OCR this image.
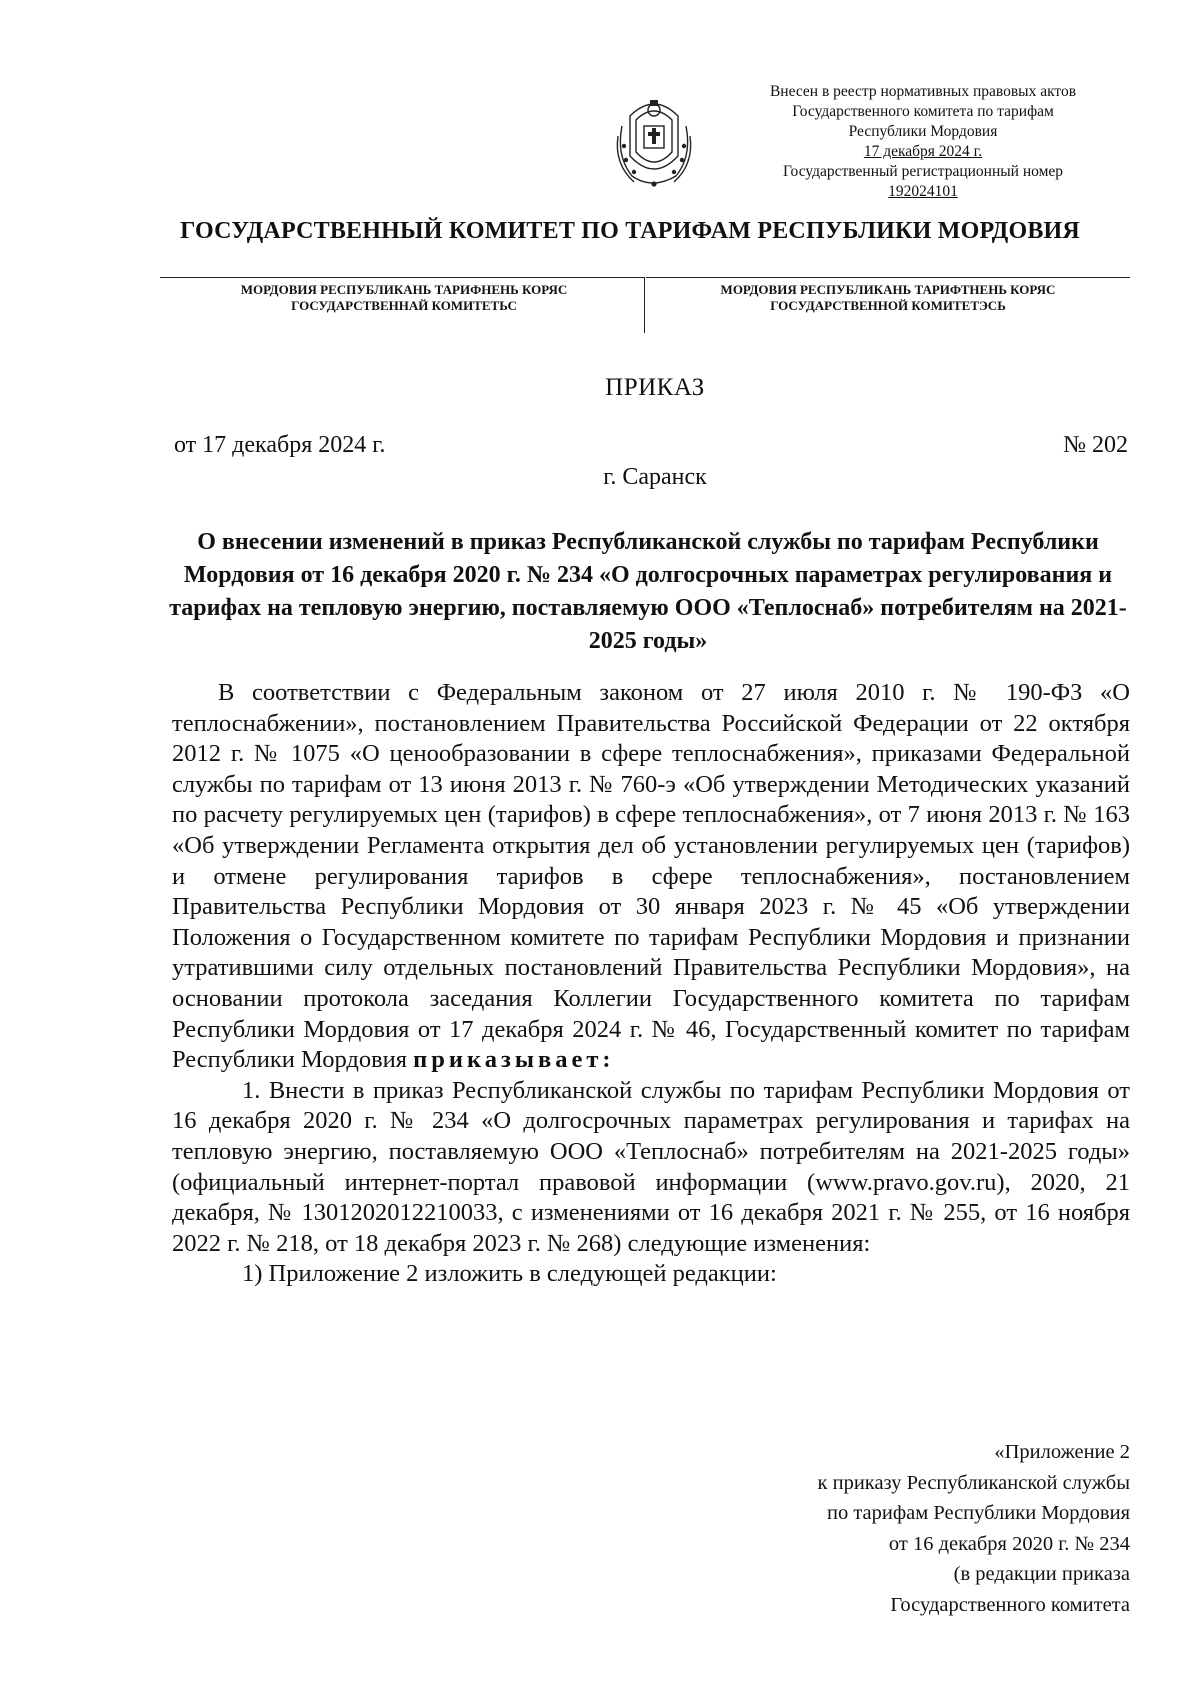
Внесен в реестр нормативных правовых актов
Государственного комитета по тарифам
Республики Мордовия
17 декабря 2024 г.
Государственный регистрационный номер
192024101
ГОСУДАРСТВЕННЫЙ КОМИТЕТ ПО ТАРИФАМ РЕСПУБЛИКИ МОРДОВИЯ
МОРДОВИЯ РЕСПУБЛИКАНЬ ТАРИФНЕНЬ КОРЯС
ГОСУДАРСТВЕННАЙ КОМИТЕТЬС
МОРДОВИЯ РЕСПУБЛИКАНЬ ТАРИФТНЕНЬ КОРЯС
ГОСУДАРСТВЕННОЙ КОМИТЕТЭСЬ
ПРИКАЗ
от 17 декабря 2024 г.	№ 202
г. Саранск
О внесении изменений в приказ Республиканской службы по тарифам Республики Мордовия от 16 декабря 2020 г. № 234 «О долгосрочных параметрах регулирования и тарифах на тепловую энергию, поставляемую ООО «Теплоснаб» потребителям на 2021-2025 годы»

В соответствии с Федеральным законом от 27 июля 2010 г. № 190-ФЗ «О теплоснабжении», постановлением Правительства Российской Федерации от 22 октября 2012 г. № 1075 «О ценообразовании в сфере теплоснабжения», приказами Федеральной службы по тарифам от 13 июня 2013 г. № 760-э «Об утверждении Методических указаний по расчету регулируемых цен (тарифов) в сфере теплоснабжения», от 7 июня 2013 г. № 163 «Об утверждении Регламента открытия дел об установлении регулируемых цен (тарифов) и отмене регулирования тарифов в сфере теплоснабжения», постановлением Правительства Республики Мордовия от 30 января 2023 г. № 45 «Об утверждении Положения о Государственном комитете по тарифам Республики Мордовия и признании утратившими силу отдельных постановлений Правительства Республики Мордовия», на основании протокола заседания Коллегии Государственного комитета по тарифам Республики Мордовия от 17 декабря 2024 г. № 46, Государственный комитет по тарифам Республики Мордовия приказывает:

1. Внести в приказ Республиканской службы по тарифам Республики Мордовия от 16 декабря 2020 г. № 234 «О долгосрочных параметрах регулирования и тарифах на тепловую энергию, поставляемую ООО «Теплоснаб» потребителям на 2021-2025 годы» (официальный интернет-портал правовой информации (www.pravo.gov.ru), 2020, 21 декабря, № 1301202012210033, с изменениями от 16 декабря 2021 г. № 255, от 16 ноября 2022 г. № 218, от 18 декабря 2023 г. № 268) следующие изменения:

1) Приложение 2 изложить в следующей редакции:

«Приложение 2
к приказу Республиканской службы
по тарифам Республики Мордовия
от 16 декабря 2020 г. № 234
(в редакции приказа
Государственного комитета
